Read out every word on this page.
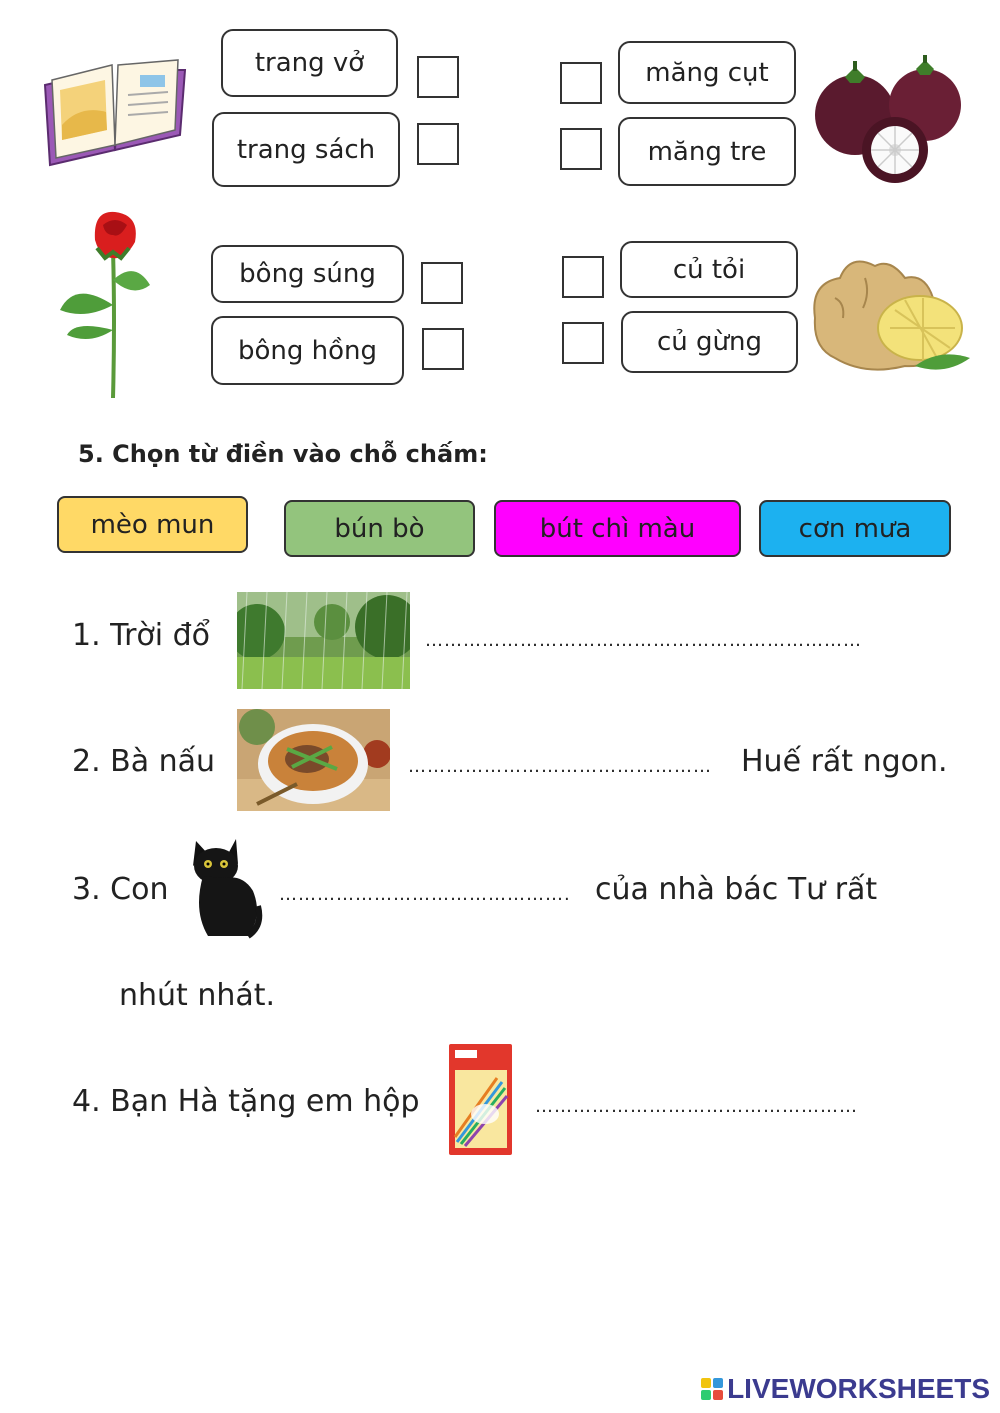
trang vở
trang sách
măng cụt
măng tre
bông súng
bông hồng
củ tỏi
củ gừng
5. Chọn từ điền vào chỗ chấm:
mèo mun	bún bò	bút chì màu	cơn mưa
1. Trời đổ	……………………………………………………………
2. Bà nấu	………………………………………… Huế rất ngon.
3. Con	………………………………………. của nhà bác Tư rất
nhút nhát.
4. Bạn Hà tặng em hộp	……………………………………………
LIVEWORKSHEETS
